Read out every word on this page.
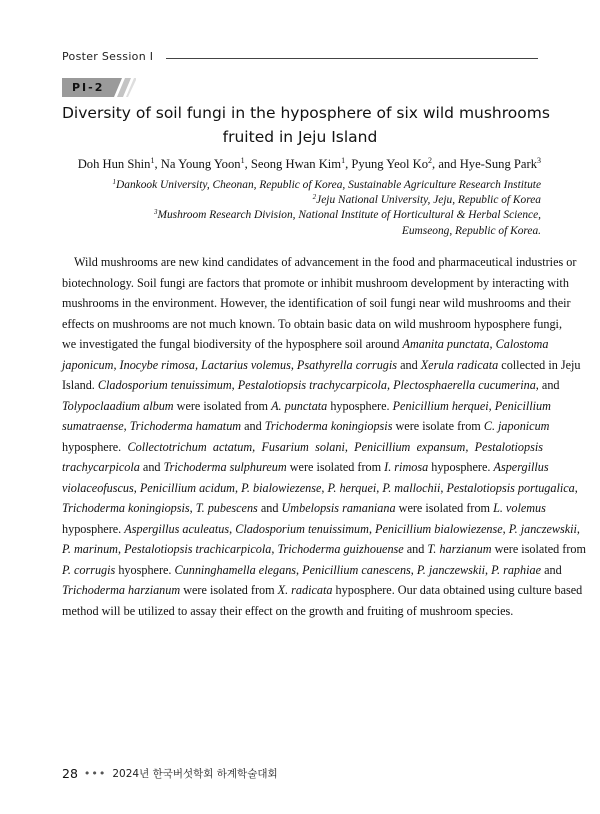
Poster Session Ⅰ
PⅠ-2
Diversity of soil fungi in the hyposphere of six wild mushrooms
fruited in Jeju Island
Doh Hun Shin$^1$, Na Young Yoon$^1$, Seong Hwan Kim$^1$, Pyung Yeol Ko$^2$, and Hye-Sung Park$^3$
$^1$Dankook University, Cheonan, Republic of Korea, Sustainable Agriculture Research Institute
$^2$Jeju National University, Jeju, Republic of Korea
$^3$Mushroom Research Division, National Institute of Horticultural & Herbal Science,
Eumseong, Republic of Korea.
Wild mushrooms are new kind candidates of advancement in the food and pharmaceutical industries or
biotechnology. Soil fungi are factors that promote or inhibit mushroom development by interacting with
mushrooms in the environment. However, the identification of soil fungi near wild mushrooms and their
effects on mushrooms are not much known. To obtain basic data on wild mushroom hyposphere fungi,
we investigated the fungal biodiversity of the hyposphere soil around Amanita punctata, Calostoma
japonicum, Inocybe rimosa, Lactarius volemus, Psathyrella corrugis and Xerula radicata collected in Jeju
Island. Cladosporium tenuissimum, Pestalotiopsis trachycarpicola, Plectosphaerella cucumerina, and
Tolypoclaadium album were isolated from A. punctata hyposphere. Penicillium herquei, Penicillium
sumatraense, Trichoderma hamatum and Trichoderma koningiopsis were isolate from C. japonicum
hyposphere. Collectotrichum actatum, Fusarium solani, Penicillium expansum, Pestalotiopsis
trachycarpicola and Trichoderma sulphureum were isolated from I. rimosa hyposphere. Aspergillus
violaceofuscus, Penicillium acidum, P. bialowiezense, P. herquei, P. mallochii, Pestalotiopsis portugalica,
Trichoderma koningiopsis, T. pubescens and Umbelopsis ramaniana were isolated from L. volemus
hyposphere. Aspergillus aculeatus, Cladosporium tenuissimum, Penicillium bialowiezense, P. janczewskii,
P. marinum, Pestalotiopsis trachicarpicola, Trichoderma guizhouense and T. harzianum were isolated from
P. corrugis hyosphere. Cunninghamella elegans, Penicillium canescens, P. janczewskii, P. raphiae and
Trichoderma harzianum were isolated from X. radicata hyposphere. Our data obtained using culture based
method will be utilized to assay their effect on the growth and fruiting of mushroom species.
28 ••• 2024년 한국버섯학회 하계학술대회
